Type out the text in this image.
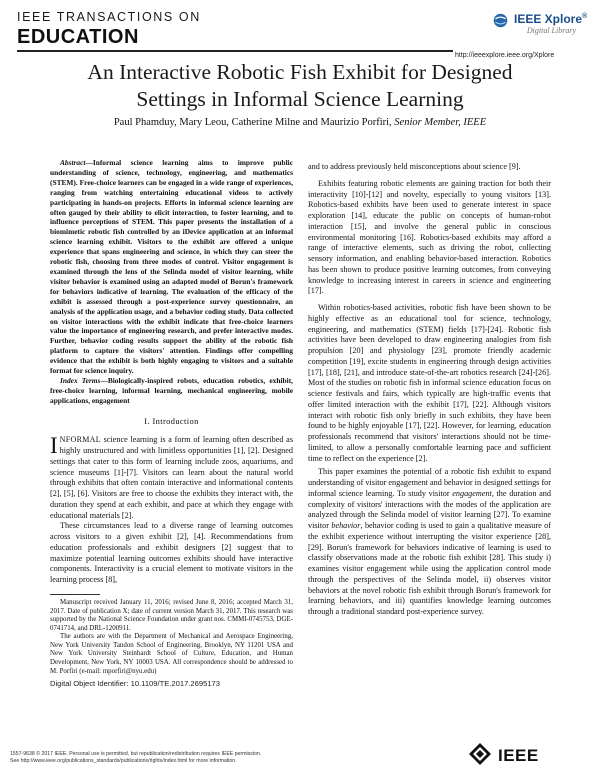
IEEE TRANSACTIONS ON
EDUCATION
IEEE Xplore®
Digital Library
http://ieeexplore.ieee.org/Xplore
An Interactive Robotic Fish Exhibit for Designed
Settings in Informal Science Learning
Paul Phamduy, Mary Leou, Catherine Milne and Maurizio Porfiri, Senior Member, IEEE

Abstract—Informal science learning aims to improve public understanding of science, technology, engineering, and mathematics (STEM). Free-choice learners can be engaged in a wide range of experiences, ranging from watching entertaining educational videos to actively participating in hands-on projects. Efforts in informal science learning are often gauged by their ability to elicit interaction, to foster learning, and to influence perceptions of STEM. This paper presents the installation of a biomimetic robotic fish controlled by an iDevice application at an informal science learning exhibit. Visitors to the exhibit are offered a unique experience that spans engineering and science, in which they can steer the robotic fish, choosing from three modes of control. Visitor engagement is examined through the lens of the Selinda model of visitor learning, while visitor behavior is examined using an adapted model of Borun's framework for behaviors indicative of learning. The evaluation of the efficacy of the exhibit is assessed through a post-experience survey questionnaire, an analysis of the application usage, and a behavior coding study. Data collected on visitor interactions with the exhibit indicate that free-choice learners value the importance of engineering research, and prefer interactive modes. Further, behavior coding results support the ability of the robotic fish platform to capture the visitors' attention. Findings offer compelling evidence that the exhibit is both highly engaging to visitors and a suitable format for science inquiry.

Index Terms—Biologically-inspired robots, education robotics, exhibit, free-choice learning, informal learning, mechanical engineering, mobile applications, engagement

I. Introduction

INFORMAL science learning is a form of learning often described as highly unstructured and with limitless opportunities [1], [2]. Designed settings that cater to this form of learning include zoos, aquariums, and science museums [1]-[7]. Visitors can learn about the natural world through exhibits that often contain interactive and informational contents [2], [5], [6]. Visitors are free to choose the exhibits they interact with, the duration they spend at each exhibit, and pace at which they engage with educational materials [2].

These circumstances lead to a diverse range of learning outcomes across visitors to a given exhibit [2], [4]. Recommendations from education professionals and exhibit designers [2] suggest that to maximize potential learning outcomes exhibits should have interactive components. Interactivity is a crucial element to motivate visitors in the learning process [8],

Manuscript received January 11, 2016; revised June 8, 2016; accepted March 31, 2017. Date of publication X; date of current version March 31, 2017. This research was supported by the National Science Foundation under grant nos. CMMI-0745753, DGE-0741714, and DRL-1200911.

The authors are with the Department of Mechanical and Aerospace Engineering, New York University Tandon School of Engineering, Brooklyn, NY 11201 USA and New York University Steinhardt School of Culture, Education, and Human Development, New York, NY 10003 USA. All correspondence should be addressed to M. Porfiri (e-mail: mporfiri@nyu.edu)

Digital Object Identifier: 10.1109/TE.2017.2695173

and to address previously held misconceptions about science [9].

Exhibits featuring robotic elements are gaining traction for both their interactivity [10]-[12] and novelty, especially to young visitors [13]. Robotics-based exhibits have been used to generate interest in space exploration [14], educate the public on concepts of human-robot interaction [15], and involve the general public in conscious environmental monitoring [16]. Robotics-based exhibits may afford a range of interactive elements, such as driving the robot, collecting sensory information, and enabling behavior-based interaction. Robotics has been shown to produce positive learning outcomes, from conveying knowledge to increasing interest in careers in science and engineering [17].

Within robotics-based activities, robotic fish have been shown to be highly effective as an educational tool for science, technology, engineering, and mathematics (STEM) fields [17]-[24]. Robotic fish activities have been developed to draw engineering analogies from fish propulsion [20] and physiology [23], promote friendly academic competition [19], excite students in engineering through design activities [17], [18], [21], and introduce state-of-the-art robotics research [24]-[26]. Most of the studies on robotic fish in informal science education focus on science festivals and fairs, which typically are high-traffic events that offer limited interaction with the exhibit [17], [22]. Although visitors interact with robotic fish only briefly in such exhibits, they have been found to be highly enjoyable [17], [22]. However, for learning, education professionals recommend that visitors' interactions should not be time-limited, to allow a personally comfortable learning pace and sufficient time to reflect on the experience [2].

This paper examines the potential of a robotic fish exhibit to expand understanding of visitor engagement and behavior in designed settings for informal science learning. To study visitor engagement, the duration and complexity of visitors' interactions with the modes of the application are analyzed through the Selinda model of visitor learning [27]. To examine visitor behavior, behavior coding is used to gain a qualitative measure of the exhibit experience without interrupting the visitor experience [28], [29]. Borun's framework for behaviors indicative of learning is used to classify observations made at the robotic fish exhibit [28]. This study i) examines visitor engagement while using the application control mode through the perspectives of the Selinda model, ii) observes visitor behaviors at the novel robotic fish exhibit through Borun's framework for learning behaviors, and iii) quantifies knowledge learning outcomes through a traditional standard post-experience survey.

1557-9638 © 2017 IEEE. Personal use is permitted, but republication/redistribution requires IEEE permission.
See http://www.ieee.org/publications_standards/publications/rights/index.html for more information.	IEEE
